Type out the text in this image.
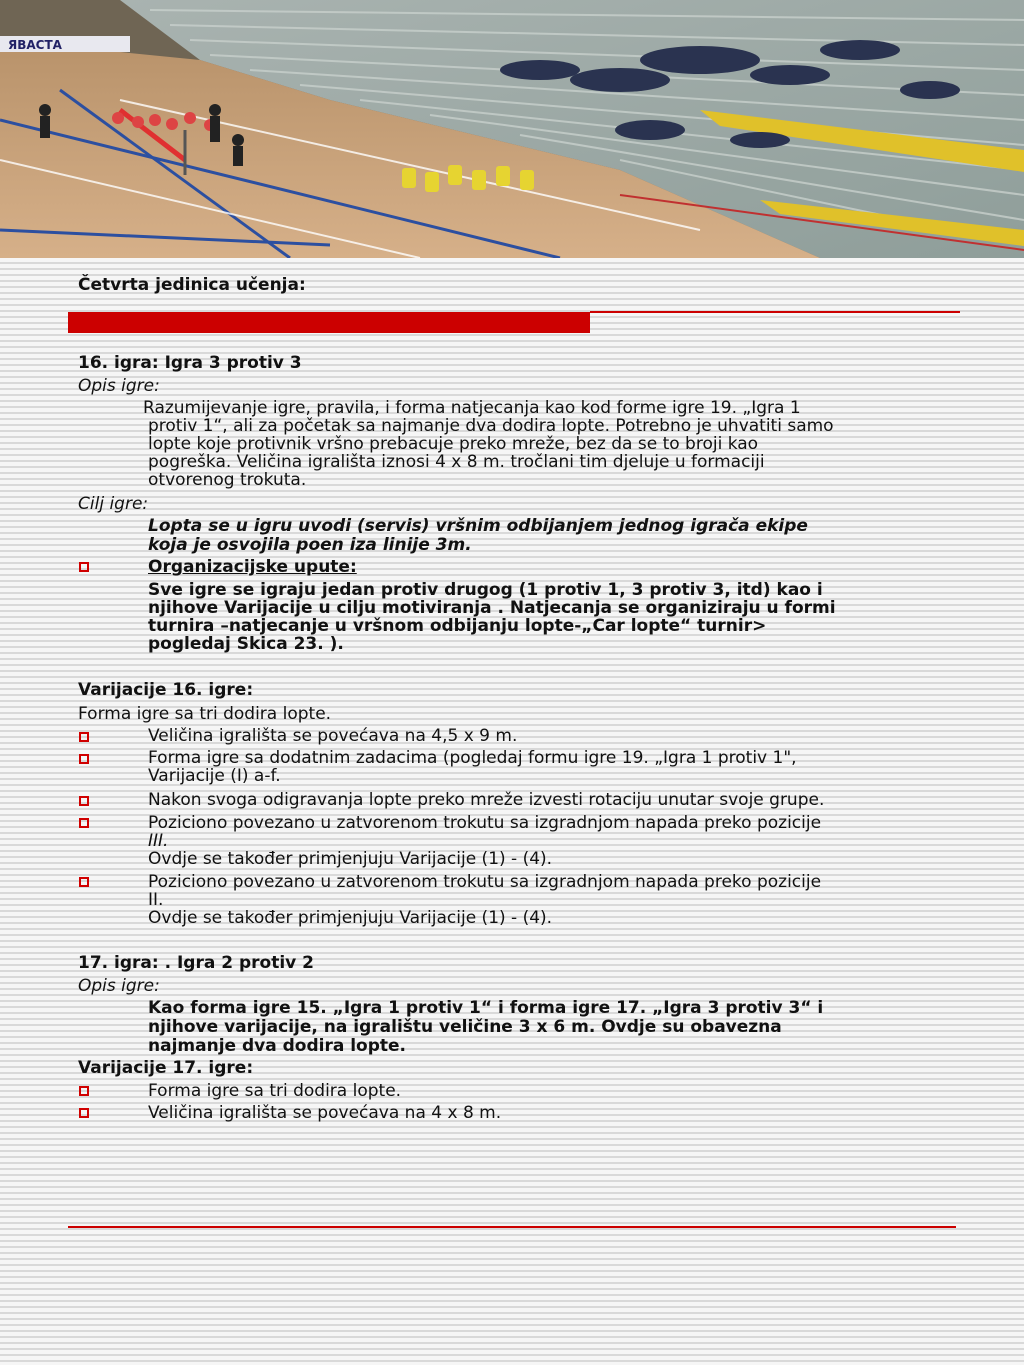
ЯВАСТА
Četvrta jedinica učenja:
16. igra: Igra 3 protiv 3
Opis igre:
Razumijevanje igre, pravila, i forma natjecanja kao kod forme igre 19. „Igra 1
protiv 1“, ali za početak sa najmanje dva dodira lopte. Potrebno je uhvatiti samo
lopte koje protivnik vršno prebacuje preko mreže, bez da se to broji kao
pogreška. Veličina igrališta iznosi 4 x 8 m. tročlani tim djeluje u formaciji
otvorenog trokuta.
Cilj igre:
Lopta se u igru uvodi (servis) vršnim odbijanjem jednog igrača ekipe
koja je osvojila poen iza linije 3m.
Organizacijske upute:
Sve igre se igraju jedan protiv drugog (1 protiv 1, 3 protiv 3, itd) kao i
njihove Varijacije u cilju motiviranja . Natjecanja se organiziraju u formi
turnira –natjecanje u vršnom odbijanju lopte-„Car lopte“ turnir>
pogledaj Skica 23. ).
Varijacije 16. igre:
Forma igre sa tri dodira lopte.
Veličina igrališta se povećava na 4,5 x 9 m.
Forma igre sa dodatnim zadacima (pogledaj formu igre 19. „Igra 1 protiv 1",
Varijacije (I) a-f.
Nakon svoga odigravanja lopte preko mreže izvesti rotaciju unutar svoje grupe.
Poziciono povezano u zatvorenom trokutu sa izgradnjom napada preko pozicije
III.
Ovdje se također primjenjuju Varijacije (1) - (4).
Poziciono povezano u zatvorenom trokutu sa izgradnjom napada preko pozicije
II.
Ovdje se također primjenjuju Varijacije (1) - (4).
17. igra: . Igra 2 protiv 2
Opis igre:
Kao forma igre 15. „Igra 1 protiv 1“ i forma igre 17. „Igra 3 protiv 3“ i
njihove varijacije, na igralištu veličine 3 x 6 m. Ovdje su obavezna
najmanje dva dodira lopte.
Varijacije 17. igre:
Forma igre sa tri dodira lopte.
Veličina igrališta se povećava na 4 x 8 m.
